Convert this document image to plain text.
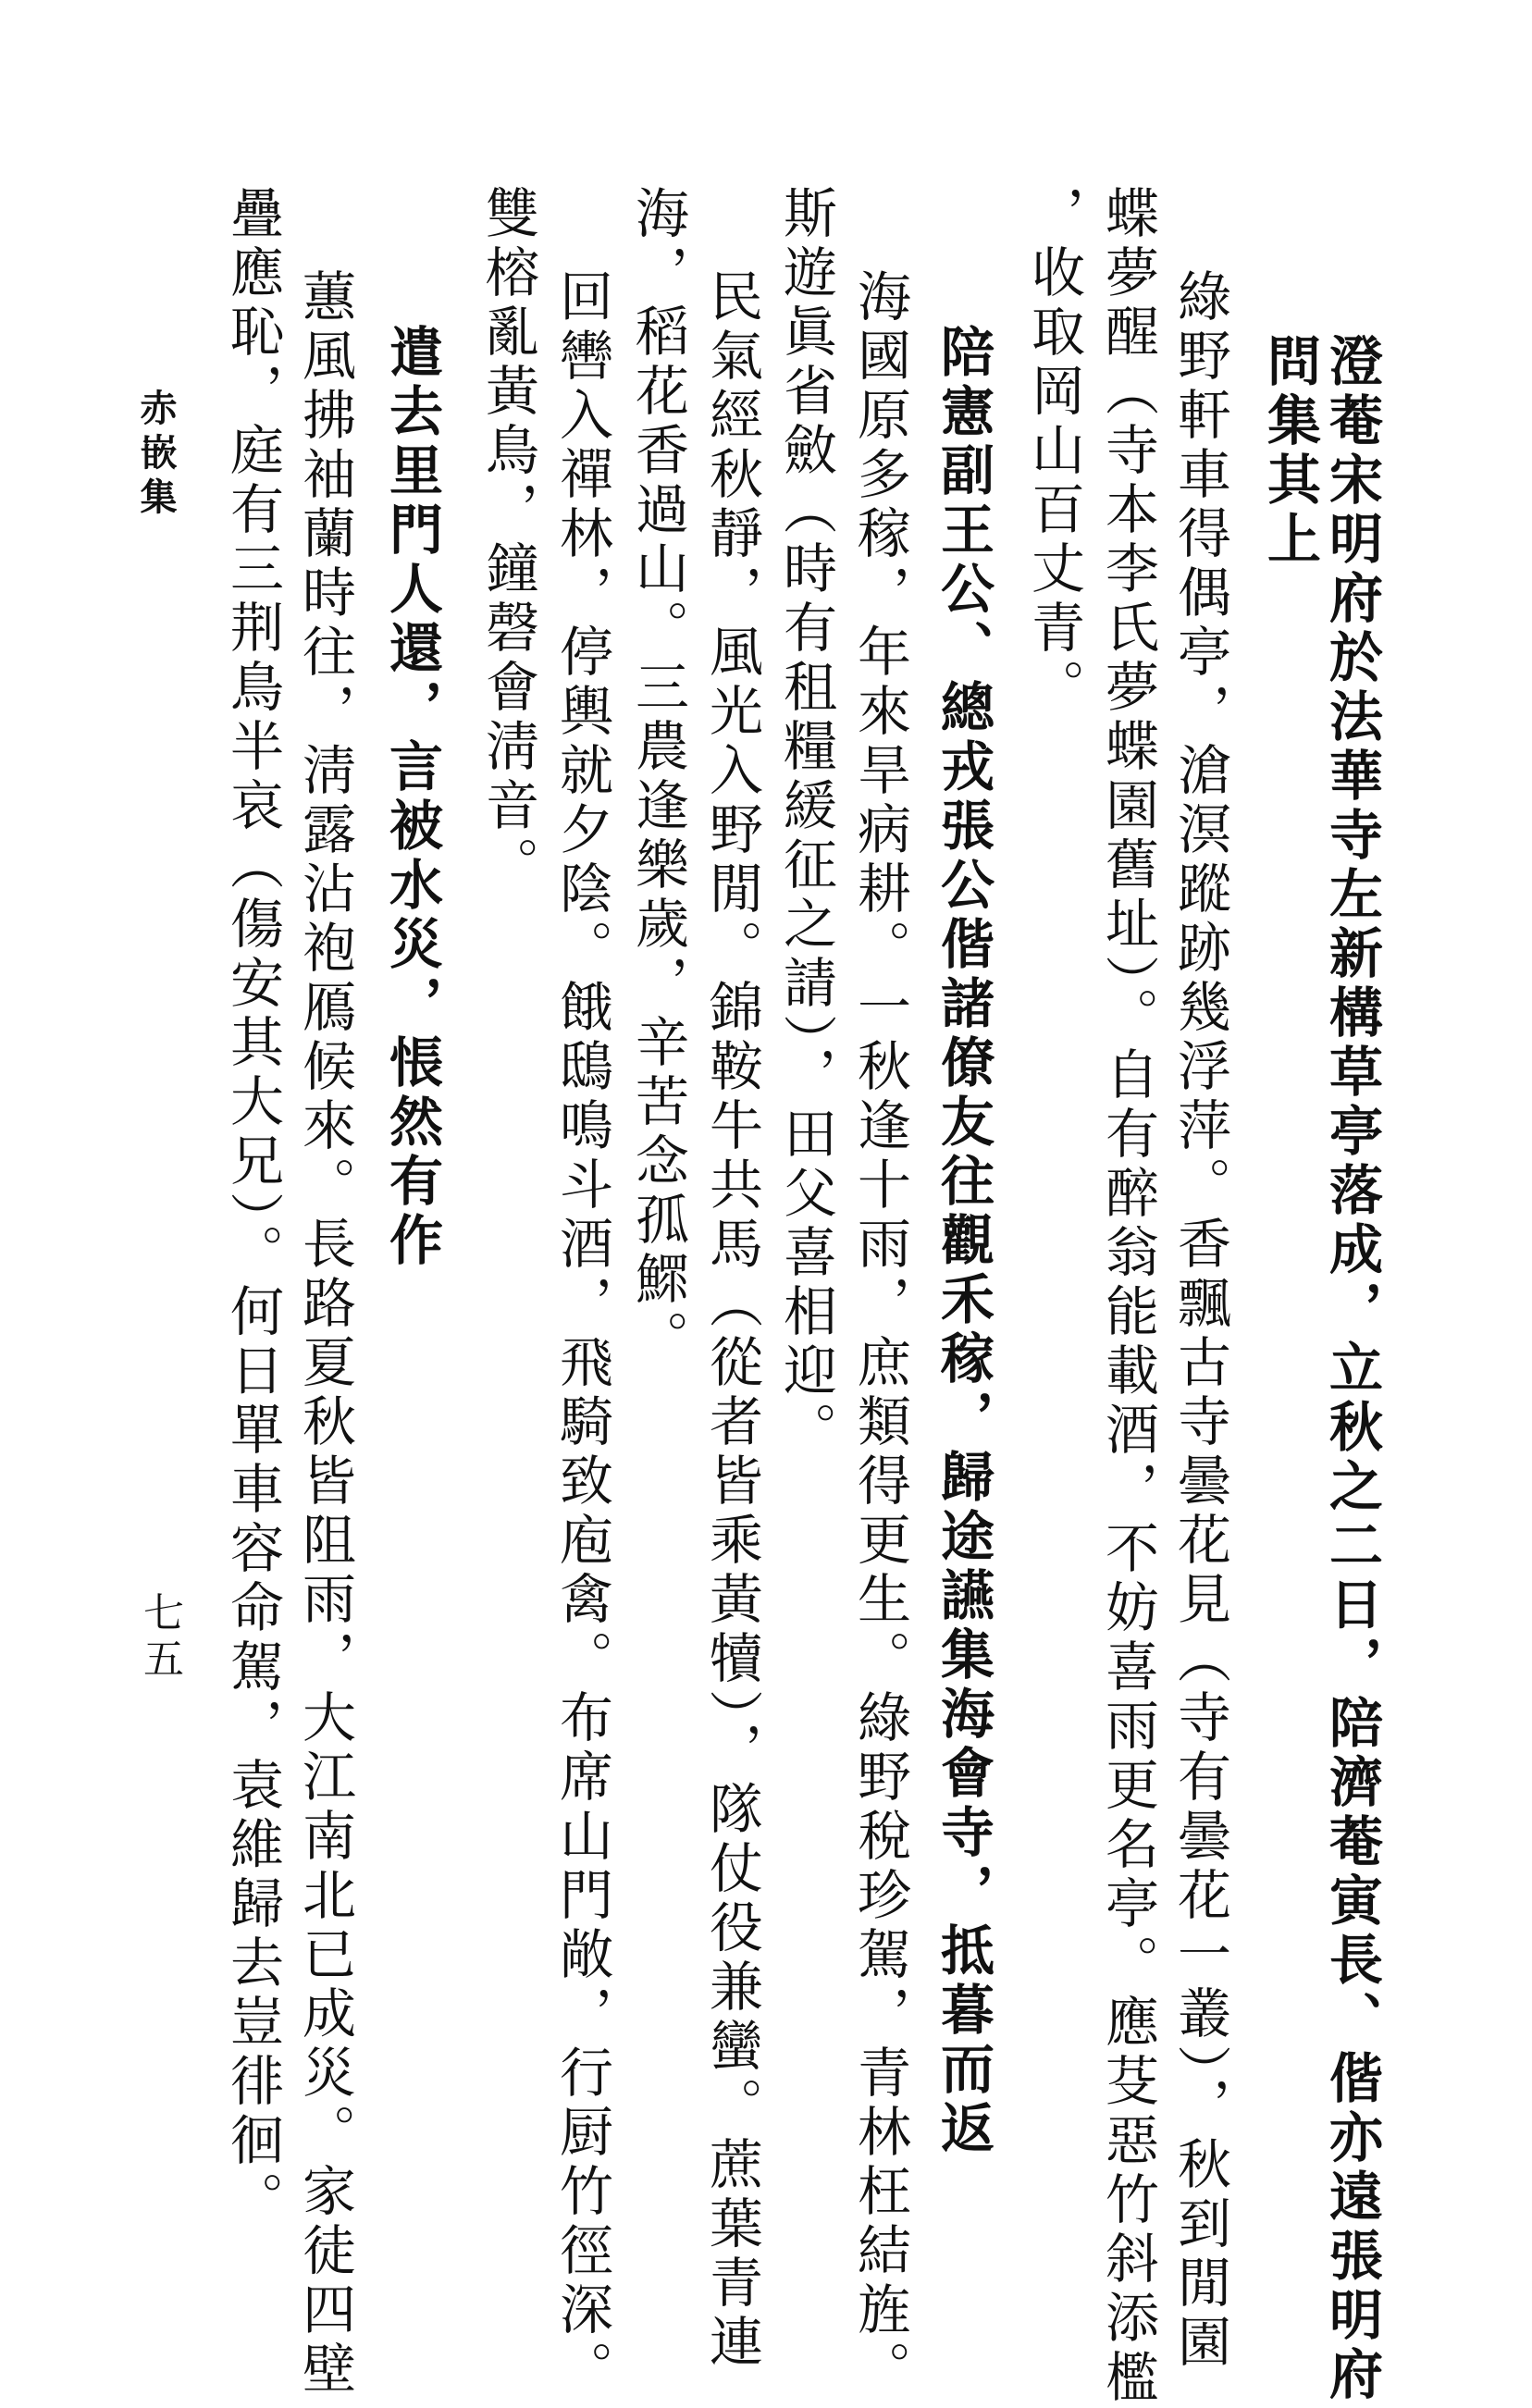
澄菴宋明府於法華寺左新構草亭落成，立秋之二日，陪濟菴寅長、偕亦遠張明府
問集其上
綠野軒車得偶亭，滄溟蹤跡幾浮萍。香飄古寺曇花見（寺有曇花一叢），秋到閒園
蝶夢醒（寺本李氏夢蝶園舊址）。自有醉翁能載酒，不妨喜雨更名亭。應芟惡竹斜添檻
，收取岡山百丈青。
陪憲副王公、總戎張公偕諸僚友往觀禾稼，歸途讌集海會寺，抵暮而返
海國原多稼，年來旱病耕。一秋逢十雨，庶類得更生。綠野稅珍駕，青林枉結旌。
斯遊眞省斂（時有租糧緩征之請），田父喜相迎。
民氣經秋靜，風光入野閒。錦鞍牛共馬（從者皆乘黃犢），隊仗役兼蠻。蔗葉青連
海，稻花香過山。三農逢樂歲，辛苦念孤鰥。
回轡入禪林，停輿就夕陰。餓鴟鳴斗酒，飛騎致庖禽。布席山門敞，行厨竹徑深。
雙榕亂黃鳥，鐘磬會淸音。
遣去里門人還，言被水災，悵然有作
蕙風拂袖蘭時往，淸露沾袍鴈候來。長路夏秋皆阻雨，大江南北已成災。家徒四壁
疊應恥，庭有三荆鳥半哀（傷安其大兄）。何日單車容命駕，袁維歸去豈徘徊。
赤嵌集
七五
